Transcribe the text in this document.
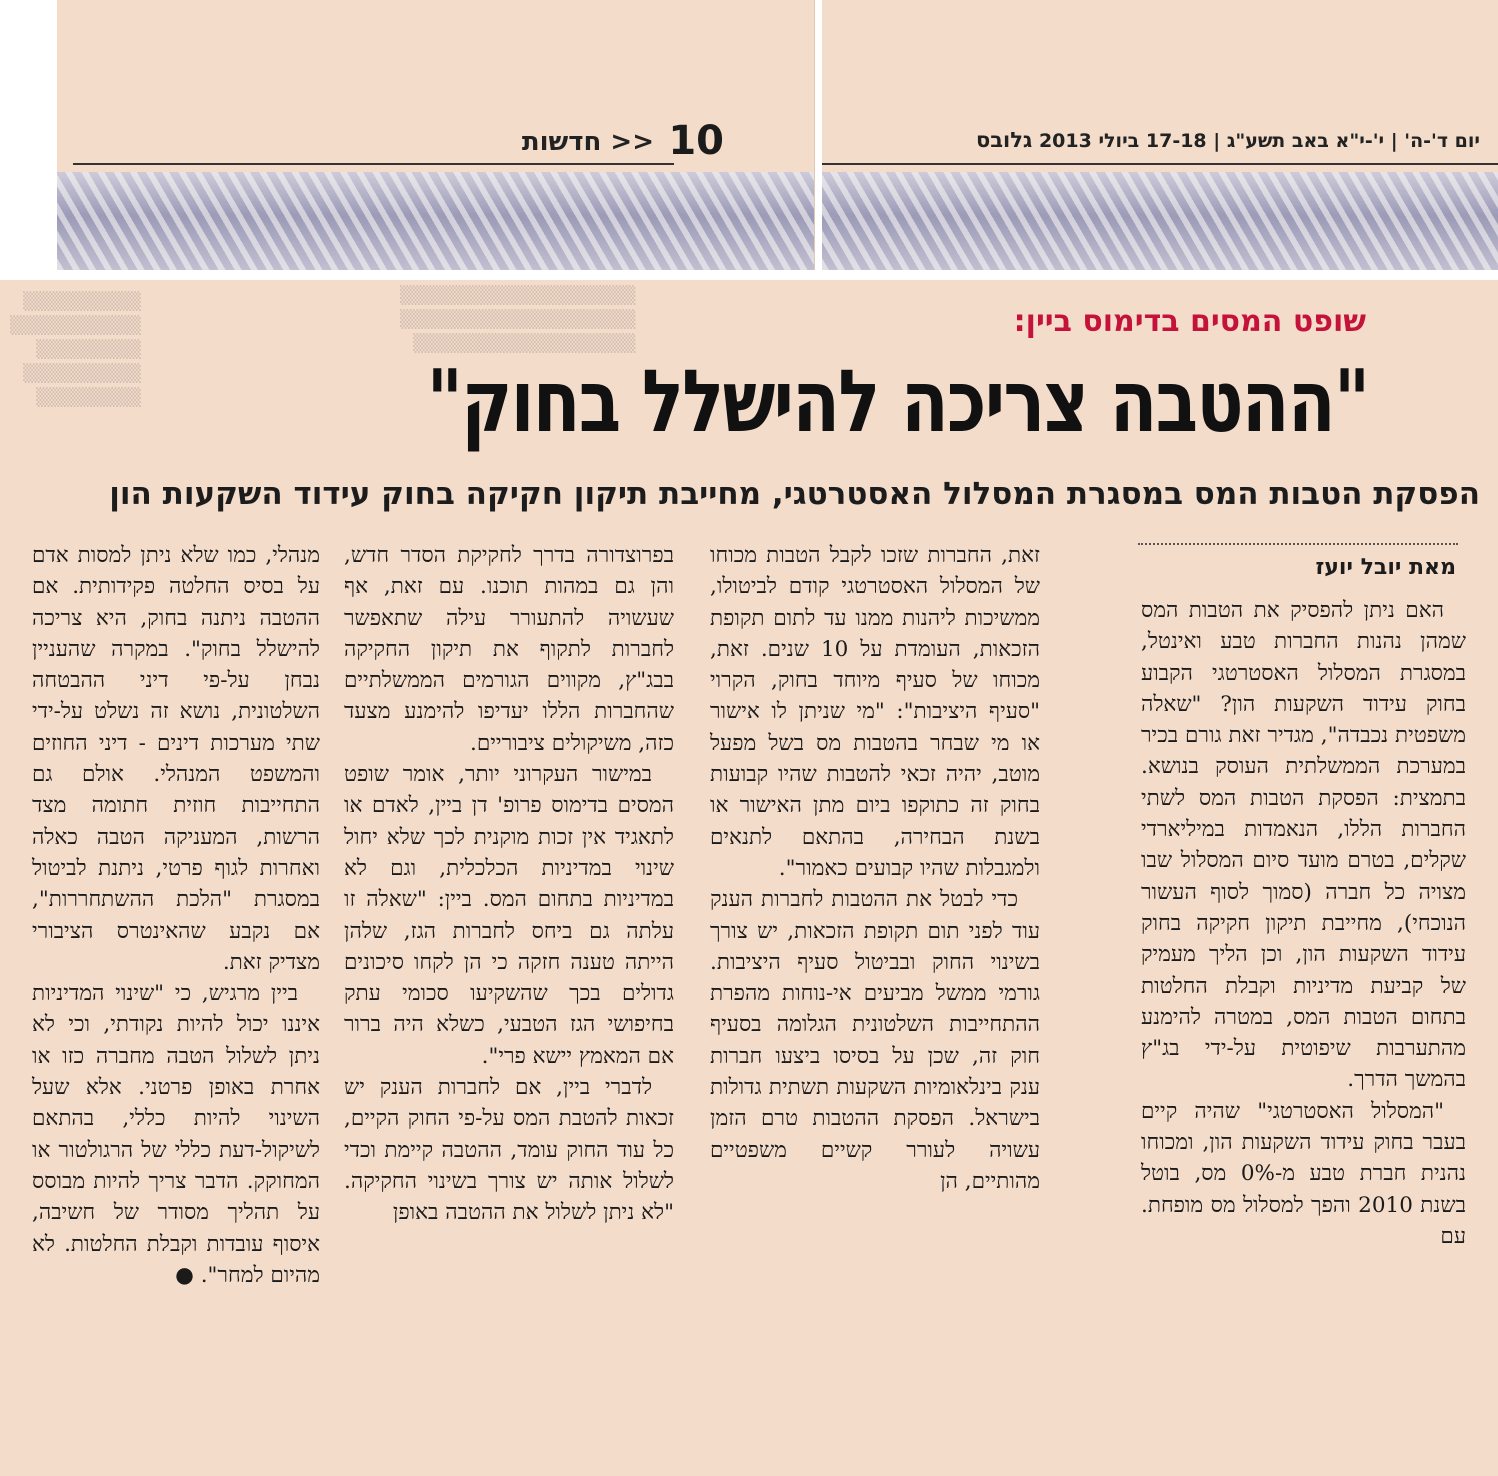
10
<< חדשות	יום ד'-ה' | י'-י"א באב תשע"ג | 17-18 ביולי 2013 גלובס
▒▒▒▒▒▒▒▒▒
▒▒▒▒▒▒▒▒▒▒
▒▒▒▒▒▒▒▒
▒▒▒▒▒▒▒▒▒
▒▒▒▒▒▒▒▒
▒▒▒▒▒▒▒▒▒▒▒▒▒▒▒▒▒▒
▒▒▒▒▒▒▒▒▒▒▒▒▒▒▒▒▒▒
▒▒▒▒▒▒▒▒▒▒▒▒▒▒▒▒▒
שופט המסים בדימוס ביין:
"ההטבה צריכה להישלל בחוק"
הפסקת הטבות המס במסגרת המסלול האסטרטגי, מחייבת תיקון חקיקה בחוק עידוד השקעות הון
מאת יובל יועז

האם ניתן להפסיק את הטבות המס שמהן נהנות החברות טבע ואינטל, במסגרת המסלול האסטרטגי הקבוע בחוק עידוד השקעות הון? "שאלה משפטית נכבדה", מגדיר זאת גורם בכיר במערכת הממשלתית העוסק בנושא. בתמצית: הפסקת הטבות המס לשתי החברות הללו, הנאמדות במיליארדי שקלים, בטרם מועד סיום המסלול שבו מצויה כל חברה (סמוך לסוף העשור הנוכחי), מחייבת תיקון חקיקה בחוק עידוד השקעות הון, וכן הליך מעמיק של קביעת מדיניות וקבלת החלטות בתחום הטבות המס, במטרה להימנע מהתערבות שיפוטית על-ידי בג"ץ בהמשך הדרך.

"המסלול האסטרטגי" שהיה קיים בעבר בחוק עידוד השקעות הון, ומכוחו נהנית חברת טבע מ-0% מס, בוטל בשנת 2010 והפך למסלול מס מופחת. עם

זאת, החברות שזכו לקבל הטבות מכוחו של המסלול האסטרטגי קודם לביטולו, ממשיכות ליהנות ממנו עד לתום תקופת הזכאות, העומדת על 10 שנים. זאת, מכוחו של סעיף מיוחד בחוק, הקרוי "סעיף היציבות": "מי שניתן לו אישור או מי שבחר בהטבות מס בשל מפעל מוטב, יהיה זכאי להטבות שהיו קבועות בחוק זה כתוקפו ביום מתן האישור או בשנת הבחירה, בהתאם לתנאים ולמגבלות שהיו קבועים כאמור".

כדי לבטל את ההטבות לחברות הענק עוד לפני תום תקופת הזכאות, יש צורך בשינוי החוק ובביטול סעיף היציבות. גורמי ממשל מביעים אי-נוחות מהפרת ההתחייבות השלטונית הגלומה בסעיף חוק זה, שכן על בסיסו ביצעו חברות ענק בינלאומיות השקעות תשתית גדולות בישראל. הפסקת ההטבות טרם הזמן עשויה לעורר קשיים משפטיים מהותיים, הן

בפרוצדורה בדרך לחקיקת הסדר חדש, והן גם במהות תוכנו. עם זאת, אף שעשויה להתעורר עילה שתאפשר לחברות לתקוף את תיקון החקיקה בבג"ץ, מקווים הגורמים הממשלתיים שהחברות הללו יעדיפו להימנע מצעד כזה, משיקולים ציבוריים.

במישור העקרוני יותר, אומר שופט המסים בדימוס פרופ' דן ביין, לאדם או לתאגיד אין זכות מוקנית לכך שלא יחול שינוי במדיניות הכלכלית, וגם לא במדיניות בתחום המס. ביין: "שאלה זו עלתה גם ביחס לחברות הגז, שלהן הייתה טענה חזקה כי הן לקחו סיכונים גדולים בכך שהשקיעו סכומי עתק בחיפושי הגז הטבעי, כשלא היה ברור אם המאמץ יישא פרי".

לדברי ביין, אם לחברות הענק יש זכאות להטבת המס על-פי החוק הקיים, כל עוד החוק עומד, ההטבה קיימת וכדי לשלול אותה יש צורך בשינוי החקיקה. "לא ניתן לשלול את ההטבה באופן

מנהלי, כמו שלא ניתן למסות אדם על בסיס החלטה פקידותית. אם ההטבה ניתנה בחוק, היא צריכה להישלל בחוק". במקרה שהעניין נבחן על-פי דיני ההבטחה השלטונית, נושא זה נשלט על-ידי שתי מערכות דינים - דיני החוזים והמשפט המנהלי. אולם גם התחייבות חוזית חתומה מצד הרשות, המעניקה הטבה כאלה ואחרות לגוף פרטי, ניתנת לביטול במסגרת "הלכת ההשתחררות", אם נקבע שהאינטרס הציבורי מצדיק זאת.

ביין מרגיש, כי "שינוי המדיניות איננו יכול להיות נקודתי, וכי לא ניתן לשלול הטבה מחברה כזו או אחרת באופן פרטני. אלא שעל השינוי להיות כללי, בהתאם לשיקול-דעת כללי של הרגולטור או המחוקק. הדבר צריך להיות מבוסס על תהליך מסודר של חשיבה, איסוף עובדות וקבלת החלטות. לא מהיום למחר". ●
